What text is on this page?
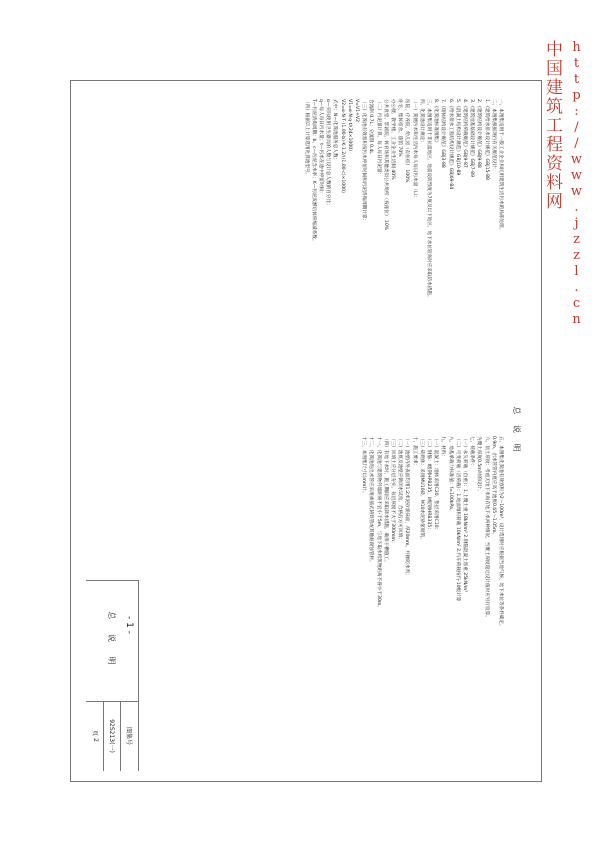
- 1 -
总 说 明
一、本图集适用于一般工业企业和民用建筑生活污水的局部处理。
二、本图集根据现行有关规范设计：
1.《建筑给水排水设计规范》GBJ15-88
2.《建筑结构设计规范》GBJ9-88
3.《建筑地基基础设计规范》GBJ7-89
4.《建筑结构荷载规范》GBJ9-87
5.《混凝土结构设计规范》GBJ10-89
6.《给水排水工程结构设计规范》GBJ69-84
7.《砌体结构设计规范》GBJ3-88
8.《化粪池标准图集》
三、本图集适用于非抗震地区，地震设防烈度为7度及以下地区，地下水位较高时应采取防水措施。
四、化粪池设计规定：
（一）粪便污水和生活污水每人每日污水量（L）：
医院、疗养院、幼儿园（有住宿） 100%
住宅、集体宿舍、旅馆 70%
办公楼、教学楼、工业企业生活间 40%
公共食堂、影剧院、体育场和其他类似公共场所（按座位） 10%
（二）污泥量计算，每人每日污泥量：
合流制 0.7L；分流制 0.4L
（三）化粪池有效容积按污水停留时间和污泥清掏周期计算：
V=V1+V2
V1=α·N·q·t/(24×1000)
V2=α·N·T·(1.00-b)·K·1.2/((1.00-c)×1000)
式中：N—化粪池服务总人数；
α—实际使用卫生器具的人数与设计总人数的百分比；
q—每人每日污水量；t—污水在池中停留时间；
T—污泥清掏周期；b、c—污泥含水率；K—污泥发酵后体积缩减系数。
（四）根据以上计算选用化粪池型号。
五、本图集化粪池有效容积为2～100m³，设计选用时应根据当地气候、地下水位等条件确定。
0.9m，出水管管内底应高于池底0.65～1.05m。
六、顶土厚度：考虑无地下水和有地下水两种情况，当覆土厚度超过设计值时应另行验算。
为覆土厚度0.5m时的设计。
七、荷载条件：
（一）永久荷载（自重）：1.上覆土重 18kN/m³ 2.钢筋混凝土容重 25kN/m³
（二）可变荷载（活荷载）：1.地面堆积荷载 10kN/m² 2.汽车荷载按汽-10级计算
八、地基承载力标准值：f=100kPa。
九、材料：
（一）混凝土：池体采用C20，垫层采用C10；
（二）钢筋：I级钢HPB235，II级钢HRB335；
（三）砖砌体：采用MU10砖，M10水泥砂浆砌筑。
十、施工要求：
（一）池壁内外表面均用1:2水泥砂浆抹面，厚20mm，并掺防水剂；
（二）池底及池壁应做闭水试验，合格后方可回填；
（三）回填土应分层夯实，每层厚度不大于300mm；
（四）有地下水时，施工期间应采取降水措施，确保干槽施工。
十一、化粪池与建筑物外墙距离不宜小于5m，与地下取水构筑物距离不得小于30m。
十二、化粪池进出水管应采用承插式铸铁管或其他耐腐蚀管材。
十三、本图集尺寸以mm计。
总 说 明
图集号
92S213(一)
页

2
中国建筑工程资料网 http://www.jzzl.cn
